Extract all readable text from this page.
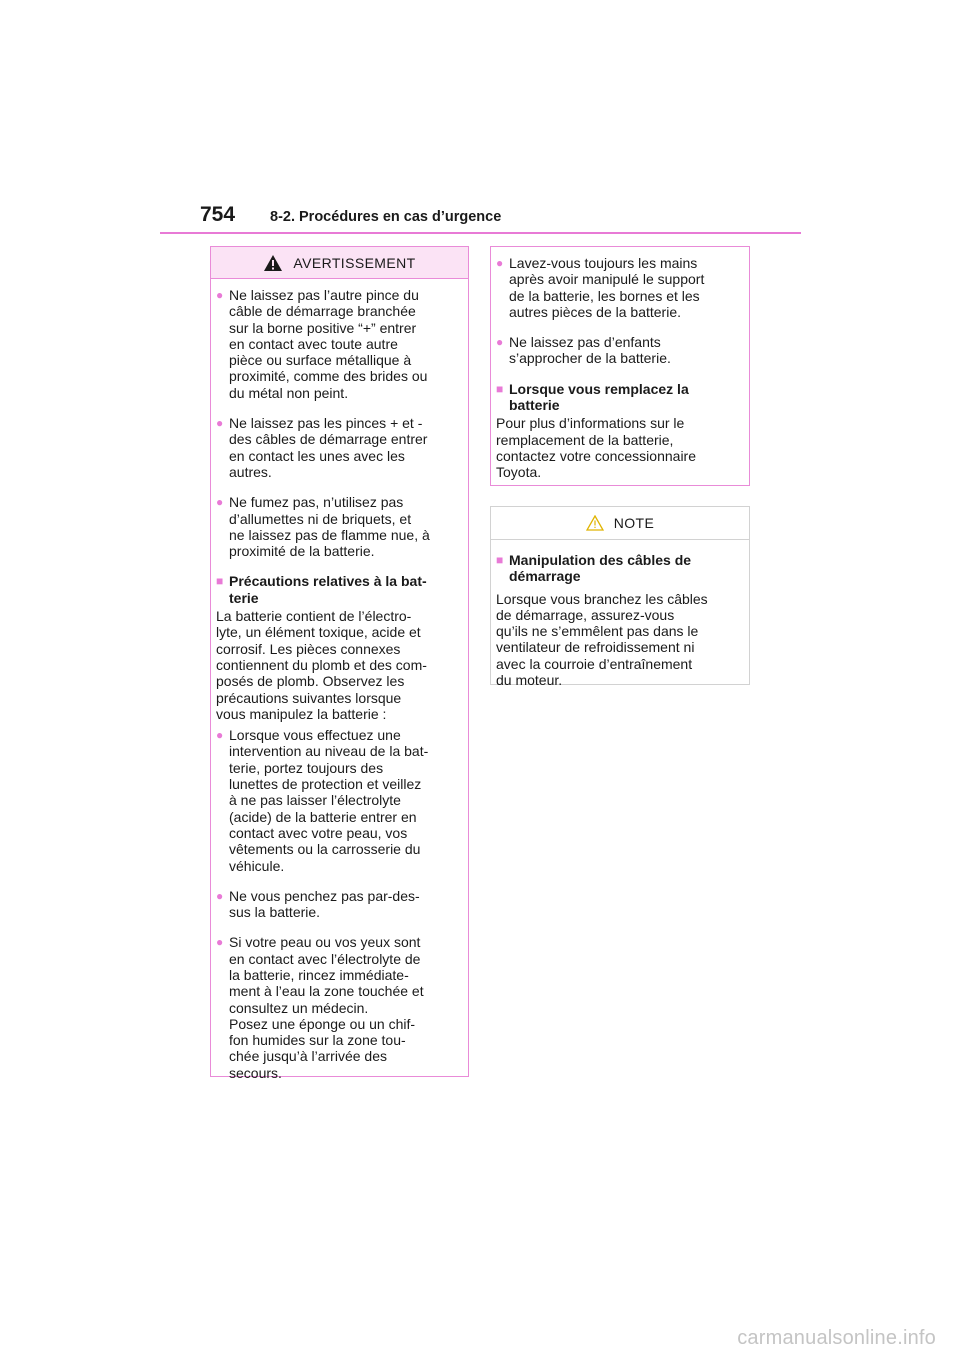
754 8-2. Procédures en cas d’urgence
AVERTISSEMENT
● Ne laissez pas l’autre pince du
câble de démarrage branchée
sur la borne positive “+” entrer
en contact avec toute autre
pièce ou surface métallique à
proximité, comme des brides ou
du métal non peint.
● Ne laissez pas les pinces + et -
des câbles de démarrage entrer
en contact les unes avec les
autres.
● Ne fumez pas, n’utilisez pas
d’allumettes ni de briquets, et
ne laissez pas de flamme nue, à
proximité de la batterie.
■ Précautions relatives à la bat-
terie
La batterie contient de l’électro-
lyte, un élément toxique, acide et
corrosif. Les pièces connexes
contiennent du plomb et des com-
posés de plomb. Observez les
précautions suivantes lorsque
vous manipulez la batterie :
● Lorsque vous effectuez une
intervention au niveau de la bat-
terie, portez toujours des
lunettes de protection et veillez
à ne pas laisser l’électrolyte
(acide) de la batterie entrer en
contact avec votre peau, vos
vêtements ou la carrosserie du
véhicule.
● Ne vous penchez pas par-des-
sus la batterie.
● Si votre peau ou vos yeux sont
en contact avec l’électrolyte de
la batterie, rincez immédiate-
ment à l’eau la zone touchée et
consultez un médecin.
Posez une éponge ou un chif-
fon humides sur la zone tou-
chée jusqu’à l’arrivée des
secours.
● Lavez-vous toujours les mains
après avoir manipulé le support
de la batterie, les bornes et les
autres pièces de la batterie.
● Ne laissez pas d’enfants
s’approcher de la batterie.
■ Lorsque vous remplacez la
batterie
Pour plus d’informations sur le
remplacement de la batterie,
contactez votre concessionnaire
Toyota.
NOTE
■ Manipulation des câbles de
démarrage
Lorsque vous branchez les câbles
de démarrage, assurez-vous
qu’ils ne s’emmêlent pas dans le
ventilateur de refroidissement ni
avec la courroie d’entraînement
du moteur.
carmanualsonline.info
